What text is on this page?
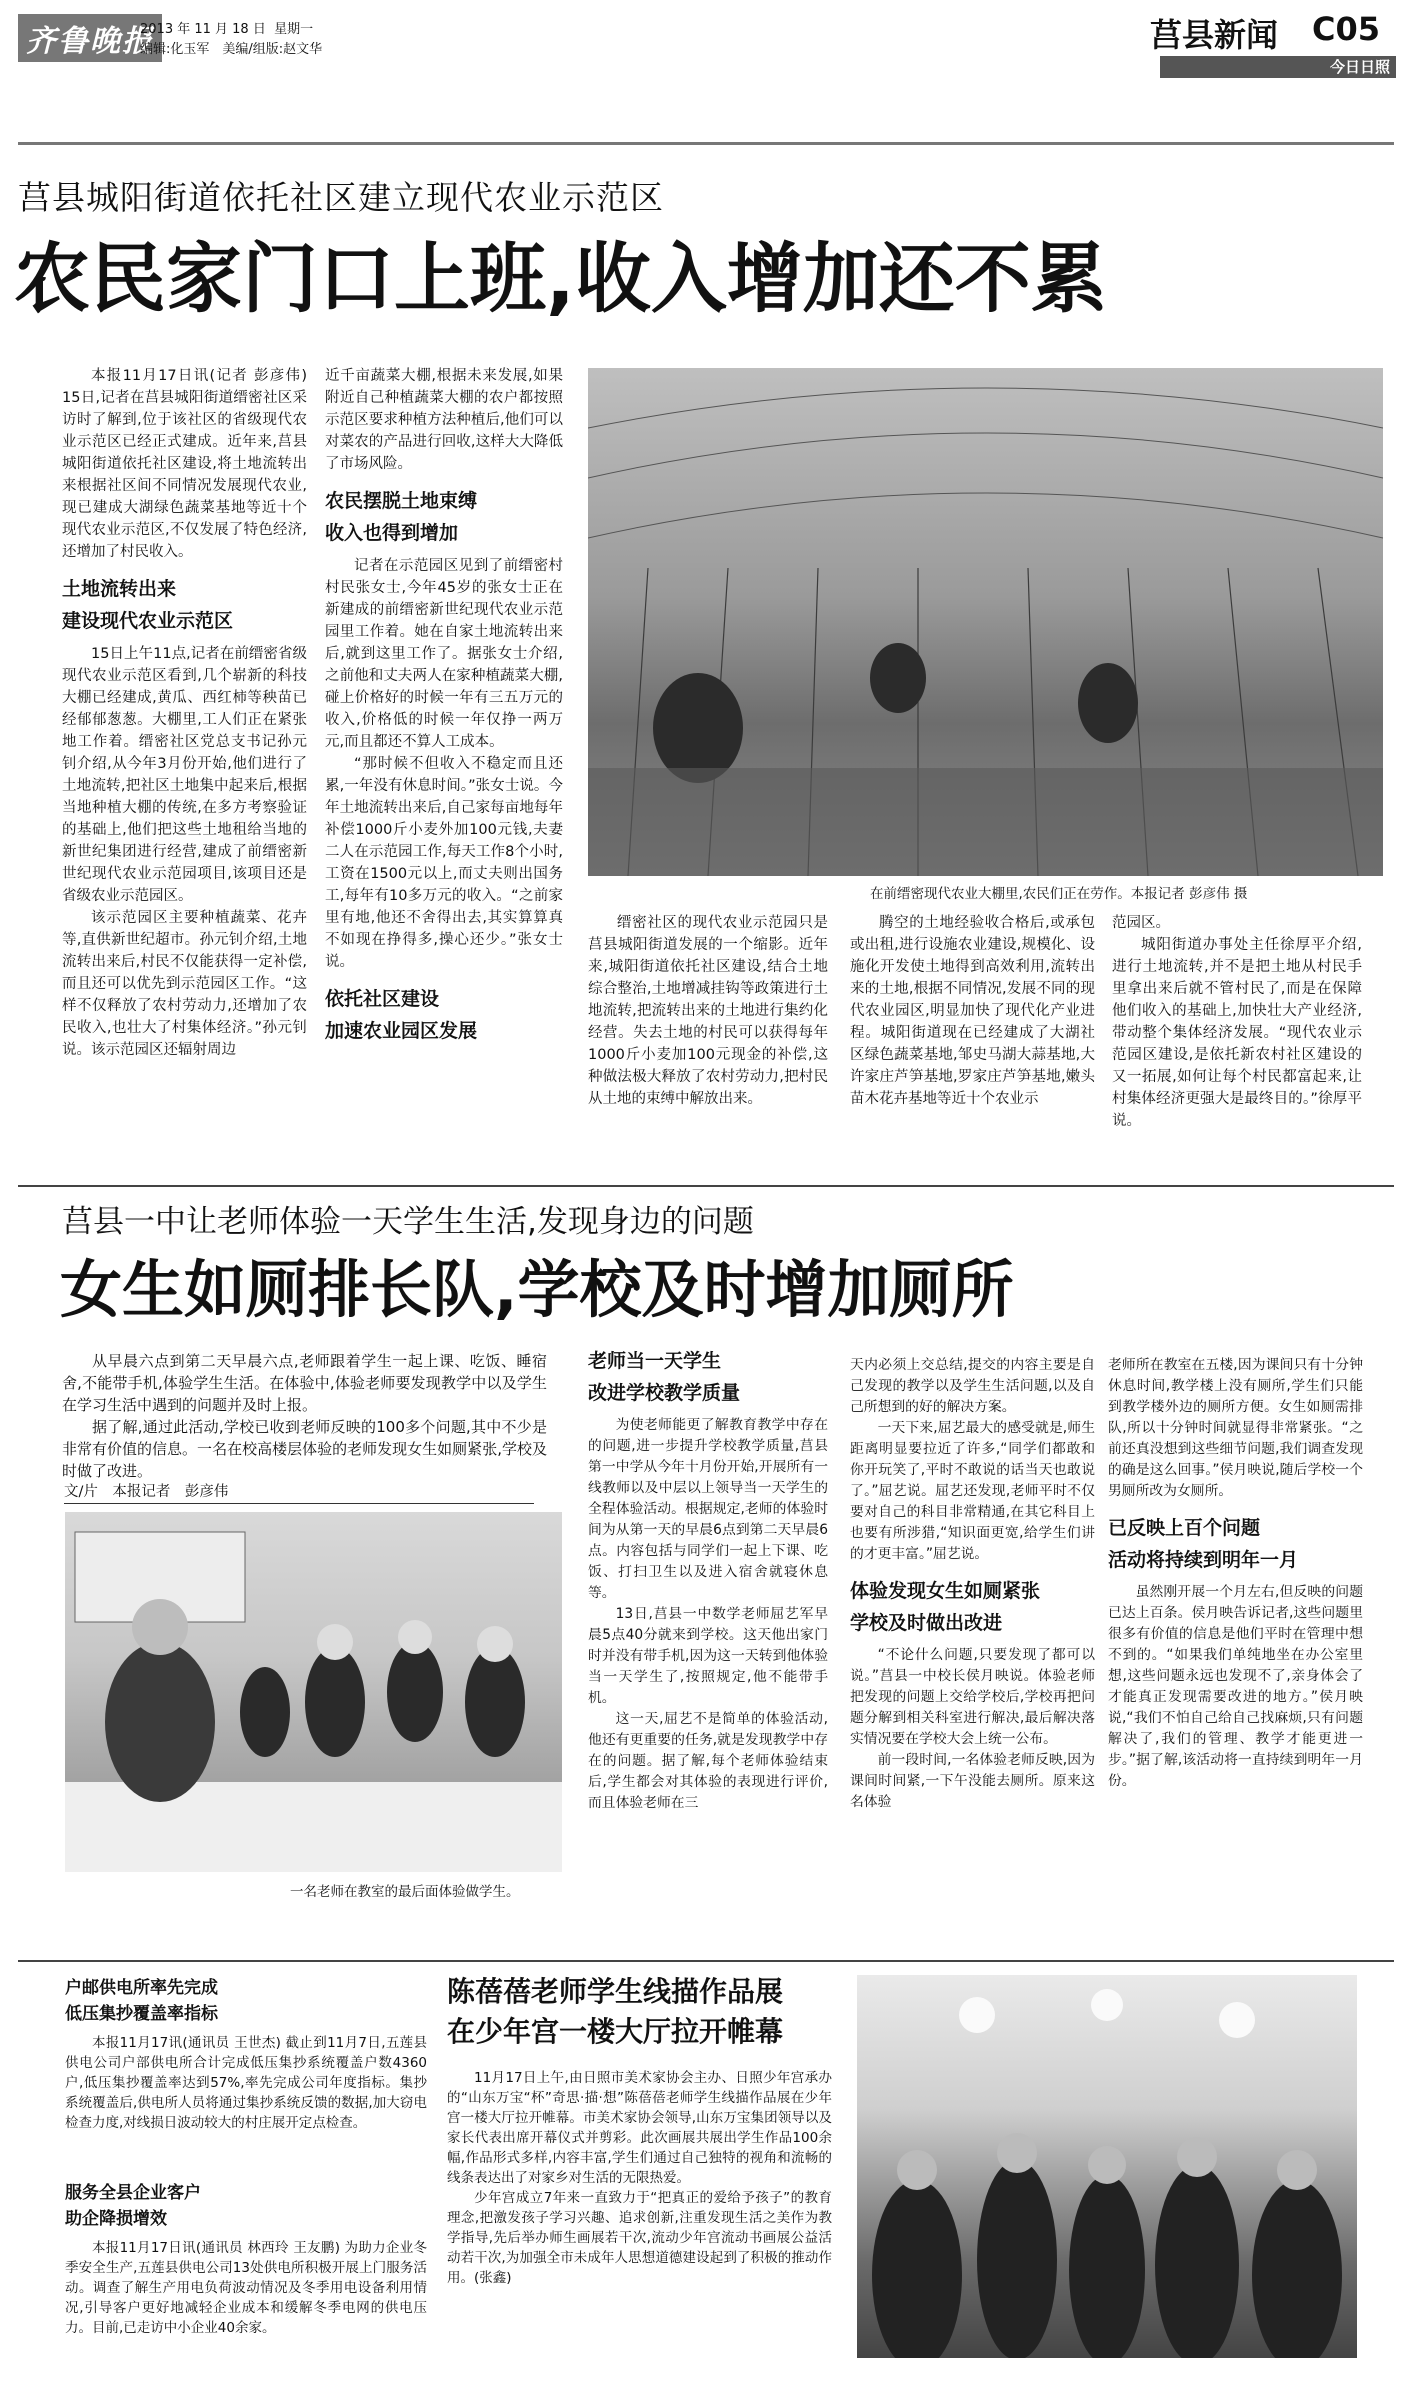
齐鲁晚报
2013 年 11 月 18 日 星期一
编辑:化玉军　美编/组版:赵文华	莒县新闻 C05
今日日照
莒县城阳街道依托社区建立现代农业示范区
农民家门口上班,收入增加还不累

本报11月17日讯(记者 彭彦伟) 15日,记者在莒县城阳街道缙密社区采访时了解到,位于该社区的省级现代农业示范区已经正式建成。近年来,莒县城阳街道依托社区建设,将土地流转出来根据社区间不同情况发展现代农业,现已建成大湖绿色蔬菜基地等近十个现代农业示范区,不仅发展了特色经济,还增加了村民收入。

土地流转出来
建设现代农业示范区

15日上午11点,记者在前缙密省级现代农业示范区看到,几个崭新的科技大棚已经建成,黄瓜、西红柿等秧苗已经郁郁葱葱。大棚里,工人们正在紧张地工作着。缙密社区党总支书记孙元钊介绍,从今年3月份开始,他们进行了土地流转,把社区土地集中起来后,根据当地种植大棚的传统,在多方考察验证的基础上,他们把这些土地租给当地的新世纪集团进行经营,建成了前缙密新世纪现代农业示范园项目,该项目还是省级农业示范园区。

该示范园区主要种植蔬菜、花卉等,直供新世纪超市。孙元钊介绍,土地流转出来后,村民不仅能获得一定补偿,而且还可以优先到示范园区工作。“这样不仅释放了农村劳动力,还增加了农民收入,也壮大了村集体经济。”孙元钊说。该示范园区还辐射周边

近千亩蔬菜大棚,根据未来发展,如果附近自己种植蔬菜大棚的农户都按照示范区要求种植方法种植后,他们可以对菜农的产品进行回收,这样大大降低了市场风险。

农民摆脱土地束缚
收入也得到增加

记者在示范园区见到了前缙密村村民张女士,今年45岁的张女士正在新建成的前缙密新世纪现代农业示范园里工作着。她在自家土地流转出来后,就到这里工作了。据张女士介绍,之前他和丈夫两人在家种植蔬菜大棚,碰上价格好的时候一年有三五万元的收入,价格低的时候一年仅挣一两万元,而且都还不算人工成本。

“那时候不但收入不稳定而且还累,一年没有休息时间。”张女士说。今年土地流转出来后,自己家每亩地每年补偿1000斤小麦外加100元钱,夫妻二人在示范园工作,每天工作8个小时,工资在1500元以上,而丈夫则出国务工,每年有10多万元的收入。“之前家里有地,他还不舍得出去,其实算算真不如现在挣得多,操心还少。”张女士说。

依托社区建设
加速农业园区发展
在前缙密现代农业大棚里,农民们正在劳作。本报记者 彭彦伟 摄

缙密社区的现代农业示范园只是莒县城阳街道发展的一个缩影。近年来,城阳街道依托社区建设,结合土地综合整治,土地增减挂钩等政策进行土地流转,把流转出来的土地进行集约化经营。失去土地的村民可以获得每年1000斤小麦加100元现金的补偿,这种做法极大释放了农村劳动力,把村民从土地的束缚中解放出来。

腾空的土地经验收合格后,或承包或出租,进行设施农业建设,规模化、设施化开发使土地得到高效利用,流转出来的土地,根据不同情况,发展不同的现代农业园区,明显加快了现代化产业进程。城阳街道现在已经建成了大湖社区绿色蔬菜基地,邹史马湖大蒜基地,大许家庄芦笋基地,罗家庄芦笋基地,嫩头苗木花卉基地等近十个农业示

范园区。

城阳街道办事处主任徐厚平介绍,进行土地流转,并不是把土地从村民手里拿出来后就不管村民了,而是在保障他们收入的基础上,加快壮大产业经济,带动整个集体经济发展。“现代农业示范园区建设,是依托新农村社区建设的又一拓展,如何让每个村民都富起来,让村集体经济更强大是最终目的。”徐厚平说。

莒县一中让老师体验一天学生生活,发现身边的问题
女生如厕排长队,学校及时增加厕所

从早晨六点到第二天早晨六点,老师跟着学生一起上课、吃饭、睡宿舍,不能带手机,体验学生生活。在体验中,体验老师要发现教学中以及学生在学习生活中遇到的问题并及时上报。

据了解,通过此活动,学校已收到老师反映的100多个问题,其中不少是非常有价值的信息。一名在校高楼层体验的老师发现女生如厕紧张,学校及时做了改进。

文/片　本报记者　彭彦伟
一名老师在教室的最后面体验做学生。
老师当一天学生
改进学校教学质量

为使老师能更了解教育教学中存在的问题,进一步提升学校教学质量,莒县第一中学从今年十月份开始,开展所有一线教师以及中层以上领导当一天学生的全程体验活动。根据规定,老师的体验时间为从第一天的早晨6点到第二天早晨6点。内容包括与同学们一起上下课、吃饭、打扫卫生以及进入宿舍就寝休息等。

13日,莒县一中数学老师屈艺军早晨5点40分就来到学校。这天他出家门时并没有带手机,因为这一天转到他体验当一天学生了,按照规定,他不能带手机。

这一天,屈艺不是简单的体验活动,他还有更重要的任务,就是发现教学中存在的问题。据了解,每个老师体验结束后,学生都会对其体验的表现进行评价,而且体验老师在三

天内必须上交总结,提交的内容主要是自己发现的教学以及学生生活问题,以及自己所想到的好的解决方案。

一天下来,屈艺最大的感受就是,师生距离明显要拉近了许多,“同学们都敢和你开玩笑了,平时不敢说的话当天也敢说了。”屈艺说。屈艺还发现,老师平时不仅要对自己的科目非常精通,在其它科目上也要有所涉猎,“知识面更宽,给学生们讲的才更丰富。”屈艺说。

体验发现女生如厕紧张
学校及时做出改进

“不论什么问题,只要发现了都可以说。”莒县一中校长侯月映说。体验老师把发现的问题上交给学校后,学校再把问题分解到相关科室进行解决,最后解决落实情况要在学校大会上统一公布。

前一段时间,一名体验老师反映,因为课间时间紧,一下午没能去厕所。原来这名体验

老师所在教室在五楼,因为课间只有十分钟休息时间,教学楼上没有厕所,学生们只能到教学楼外边的厕所方便。女生如厕需排队,所以十分钟时间就显得非常紧张。“之前还真没想到这些细节问题,我们调查发现的确是这么回事。”侯月映说,随后学校一个男厕所改为女厕所。

已反映上百个问题
活动将持续到明年一月

虽然刚开展一个月左右,但反映的问题已达上百条。侯月映告诉记者,这些问题里很多有价值的信息是他们平时在管理中想不到的。“如果我们单纯地坐在办公室里想,这些问题永远也发现不了,亲身体会了才能真正发现需要改进的地方。”侯月映说,“我们不怕自己给自己找麻烦,只有问题解决了,我们的管理、教学才能更进一步。”据了解,该活动将一直持续到明年一月份。

户邮供电所率先完成
低压集抄覆盖率指标

本报11月17讯(通讯员 王世杰) 截止到11月7日,五莲县供电公司户部供电所合计完成低压集抄系统覆盖户数4360户,低压集抄覆盖率达到57%,率先完成公司年度指标。集抄系统覆盖后,供电所人员将通过集抄系统反馈的数据,加大窃电检查力度,对线损日波动较大的村庄展开定点检查。

服务全县企业客户
助企降损增效

本报11月17日讯(通讯员 林西玲 王友鹏) 为助力企业冬季安全生产,五莲县供电公司13处供电所积极开展上门服务活动。调查了解生产用电负荷波动情况及冬季用电设备利用情况,引导客户更好地减轻企业成本和缓解冬季电网的供电压力。目前,已走访中小企业40余家。

陈蓓蓓老师学生线描作品展
在少年宫一楼大厅拉开帷幕

11月17日上午,由日照市美术家协会主办、日照少年宫承办的“山东万宝“杯”奇思·描·想”陈蓓蓓老师学生线描作品展在少年宫一楼大厅拉开帷幕。市美术家协会领导,山东万宝集团领导以及家长代表出席开幕仪式并剪彩。此次画展共展出学生作品100余幅,作品形式多样,内容丰富,学生们通过自己独特的视角和流畅的线条表达出了对家乡对生活的无限热爱。

少年宫成立7年来一直致力于“把真正的爱给予孩子”的教育理念,把激发孩子学习兴趣、追求创新,注重发现生活之美作为教学指导,先后举办师生画展若干次,流动少年宫流动书画展公益活动若干次,为加强全市未成年人思想道德建设起到了积极的推动作用。(张鑫)
